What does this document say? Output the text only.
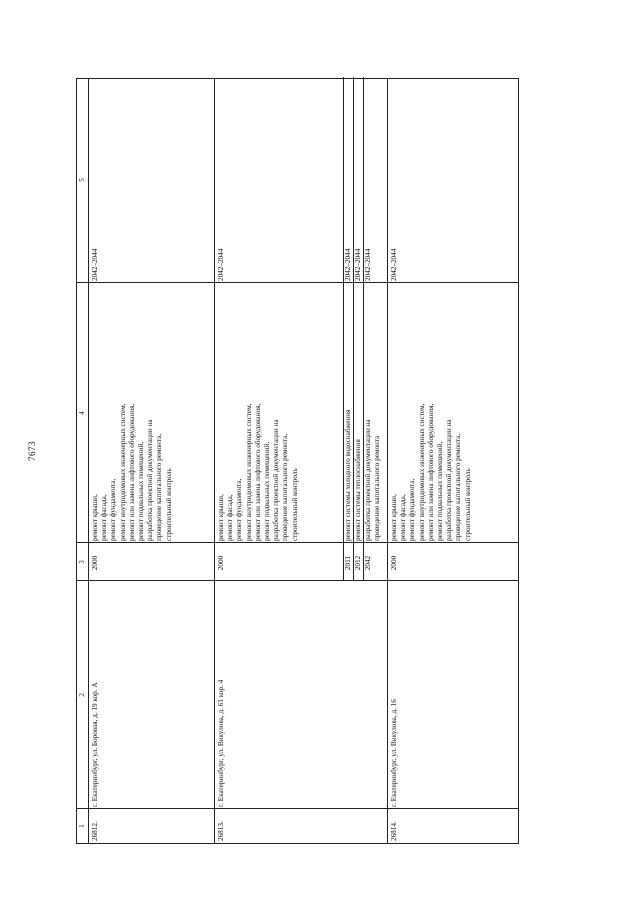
7673
1
2
3
4
5
26812.
г. Екатеринбург, ул. Боровая, д. 19 кор. А
2000
ремонт крыши, ремонт фасада, ремонт фундамента, ремонт внутридомовых инженерных систем, ремонт или замена лифтового оборудования, ремонт подвальных помещений, разработка проектной документации на проведение капитального ремонта, строительный контроль
2042–2044
26813.
г. Екатеринбург, ул. Викулова, д. 61 кор. 4
2000
ремонт крыши, ремонт фасада, ремонт фундамента, ремонт внутридомовых инженерных систем, ремонт или замена лифтового оборудования, ремонт подвальных помещений, разработка проектной документации на проведение капитального ремонта, строительный контроль
2042–2044
2011
ремонт системы холодного водоснабжения
2042–2044
2012
ремонт системы теплоснабжения
2042–2044
2042
разработка проектной документации на проведение капитального ремонта
2042–2044
26814.
г. Екатеринбург, ул. Викулова, д. 16
2000
ремонт крыши, ремонт фасада, ремонт фундамента, ремонт внутридомовых инженерных систем, ремонт или замена лифтового оборудования, ремонт подвальных помещений, разработка проектной документации на проведение капитального ремонта, строительный контроль
2042–2044
